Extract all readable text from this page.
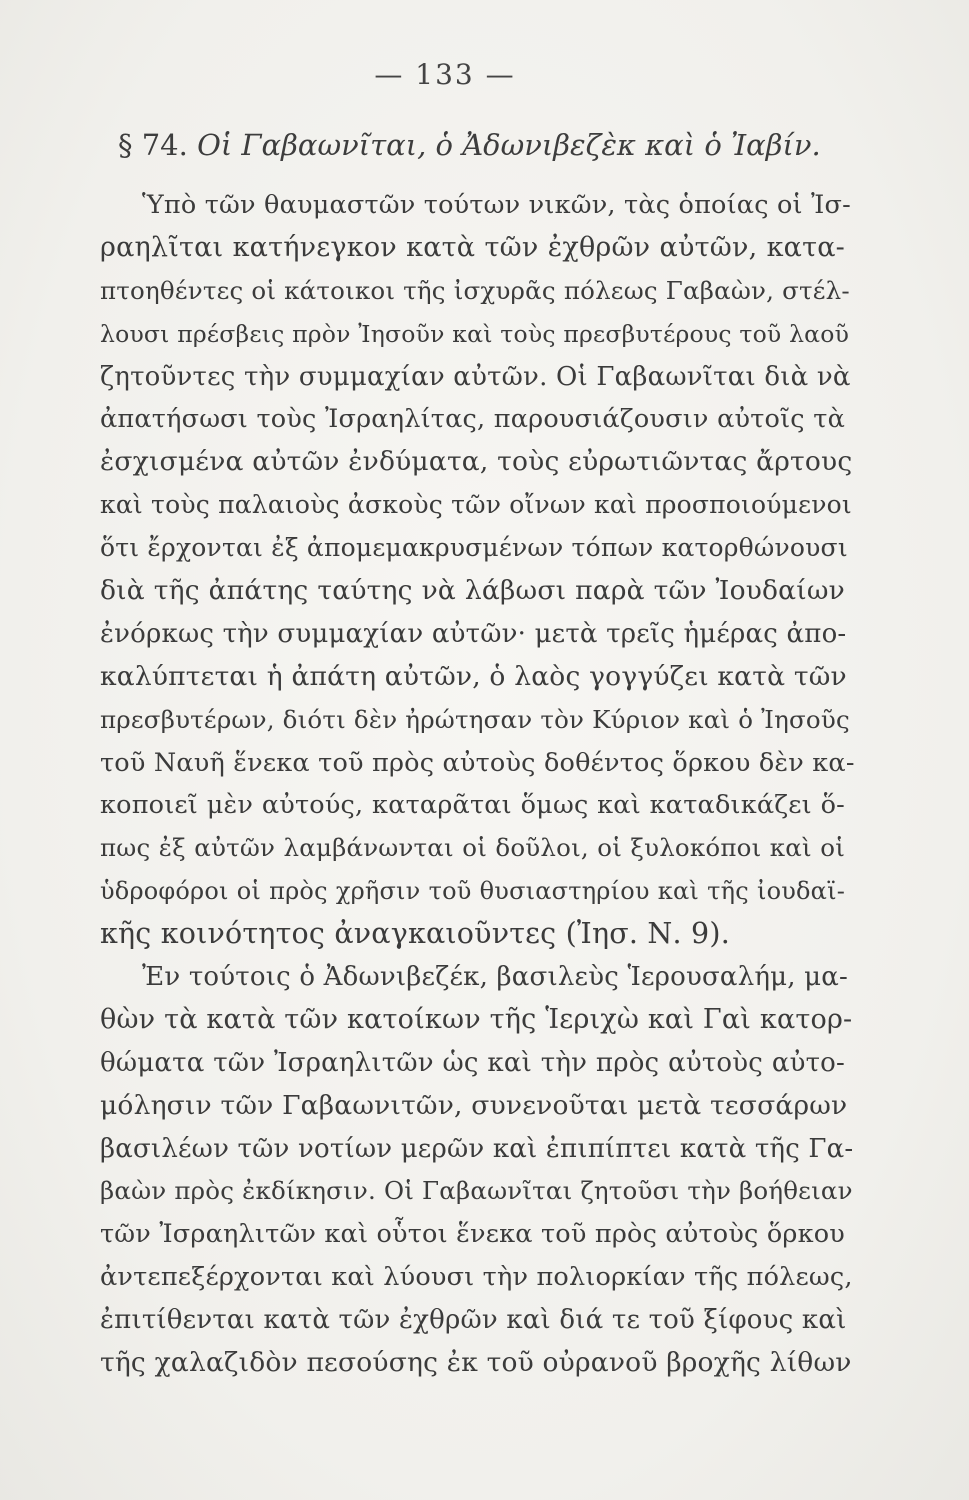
— 133 —
§ 74. Οἱ Γαβαωνῖται, ὁ Ἀδωνιβεζὲκ καὶ ὁ Ἰαβίν.
Ὑπὸ τῶν θαυμαστῶν τούτων νικῶν, τὰς ὁποίας οἱ Ἰσ-
ραηλῖται κατήνεγκον κατὰ τῶν ἐχθρῶν αὐτῶν, κατα-
πτοηθέντες οἱ κάτοικοι τῆς ἰσχυρᾶς πόλεως Γαβαὼν, στέλ-
λουσι πρέσβεις πρὸν Ἰησοῦν καὶ τοὺς πρεσβυτέρους τοῦ λαοῦ
ζητοῦντες τὴν συμμαχίαν αὐτῶν. Οἱ Γαβαωνῖται διὰ νὰ
ἀπατήσωσι τοὺς Ἰσραηλίτας, παρουσιάζουσιν αὐτοῖς τὰ
ἐσχισμένα αὐτῶν ἐνδύματα, τοὺς εὐρωτιῶντας ἄρτους
καὶ τοὺς παλαιοὺς ἀσκοὺς τῶν οἴνων καὶ προσποιούμενοι
ὅτι ἔρχονται ἐξ ἀπομεμακρυσμένων τόπων κατορθώνουσι
διὰ τῆς ἀπάτης ταύτης νὰ λάβωσι παρὰ τῶν Ἰουδαίων
ἐνόρκως τὴν συμμαχίαν αὐτῶν· μετὰ τρεῖς ἡμέρας ἀπο-
καλύπτεται ἡ ἀπάτη αὐτῶν, ὁ λαὸς γογγύζει κατὰ τῶν
πρεσβυτέρων, διότι δὲν ἠρώτησαν τὸν Κύριον καὶ ὁ Ἰησοῦς
τοῦ Ναυῆ ἕνεκα τοῦ πρὸς αὐτοὺς δοθέντος ὅρκου δὲν κα-
κοποιεῖ μὲν αὐτούς, καταρᾶται ὅμως καὶ καταδικάζει ὅ-
πως ἐξ αὐτῶν λαμβάνωνται οἱ δοῦλοι, οἱ ξυλοκόποι καὶ οἱ
ὑδροφόροι οἱ πρὸς χρῆσιν τοῦ θυσιαστηρίου καὶ τῆς ἰουδαϊ-
κῆς κοινότητος ἀναγκαιοῦντες (Ἰησ. Ν. 9).
Ἐν τούτοις ὁ Ἀδωνιβεζέκ, βασιλεὺς Ἱερουσαλήμ, μα-
θὼν τὰ κατὰ τῶν κατοίκων τῆς Ἱεριχὼ καὶ Γαὶ κατορ-
θώματα τῶν Ἰσραηλιτῶν ὡς καὶ τὴν πρὸς αὐτοὺς αὐτο-
μόλησιν τῶν Γαβαωνιτῶν, συνενοῦται μετὰ τεσσάρων
βασιλέων τῶν νοτίων μερῶν καὶ ἐπιπίπτει κατὰ τῆς Γα-
βαὼν πρὸς ἐκδίκησιν. Οἱ Γαβαωνῖται ζητοῦσι τὴν βοήθειαν
τῶν Ἰσραηλιτῶν καὶ οὗτοι ἕνεκα τοῦ πρὸς αὐτοὺς ὅρκου
ἀντεπεξέρχονται καὶ λύουσι τὴν πολιορκίαν τῆς πόλεως,
ἐπιτίθενται κατὰ τῶν ἐχθρῶν καὶ διά τε τοῦ ξίφους καὶ
τῆς χαλαζιδὸν πεσούσης ἐκ τοῦ οὐρανοῦ βροχῆς λίθων
